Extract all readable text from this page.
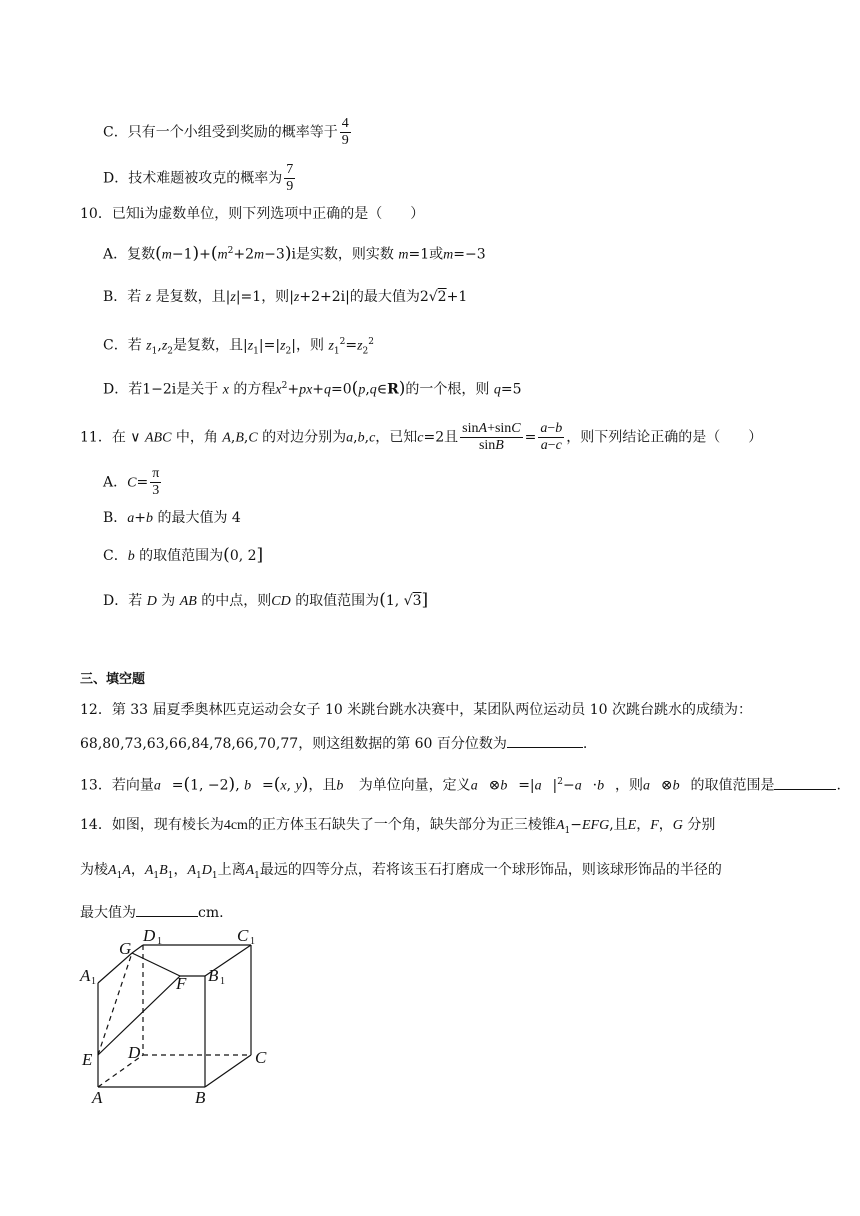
C．只有一个小组受到奖励的概率等于 $\frac{4}{9}$
D．技术难题被攻克的概率为 $\frac{7}{9}$
10．已知i为虚数单位，则下列选项中正确的是（　　）
A．复数$(m-1)+(m^2+2m-3)i$是实数，则实数 m=1或m=−3
B．若 z 是复数，且|z|=1，则|z+2+2i|的最大值为2√2+1
C．若 $z_1,z_2$是复数，且$|z_1|=|z_2|$，则 $z_1^2=z_2^2$
D．若1−2i是关于 x 的方程$x^2+px+q=0(p,q\in R)$的一个根，则 q=5
11．在 ∨ ABC 中，角 A,B,C 的对边分别为a,b,c，已知c=2且 $\frac{\sin A+\sin C}{\sin B} = \frac{a-b}{a-c}$ ，则下列结论正确的是（　　）
A．$C= \frac{\pi}{3}$
B．a+b 的最大值为 4
C．b 的取值范围为(0, 2]
D．若 D 为 AB 的中点，则CD 的取值范围为(1, √3]
三、填空题
12．第 33 届夏季奥林匹克运动会女子 10 米跳台跳水决赛中，某团队两位运动员 10 次跳台跳水的成绩为：
68,80,73,63,66,84,78,66,70,77，则这组数据的第 60 百分位数为	.
13．若向量a⃗=(1, −2), b⃗=(x, y)，且b⃗ 为单位向量，定义$a⃗\otimes b⃗=|a⃗|^2-a⃗\cdot b⃗$，则a⃗⊗b⃗的取值范围是	.
14．如图，现有棱长为4cm的正方体玉石缺失了一个角，缺失部分为正三棱锥$A_1-EFG$,且E，F，G 分别
为棱$A_1A$，$A_1B_1$，$A_1D_1$上离$A_1$最远的四等分点，若将该玉石打磨成一个球形饰品，则该球形饰品的半径的
最大值为	cm.
G
D 1	C 1
A 1	F B 1
E D	C
A	B
